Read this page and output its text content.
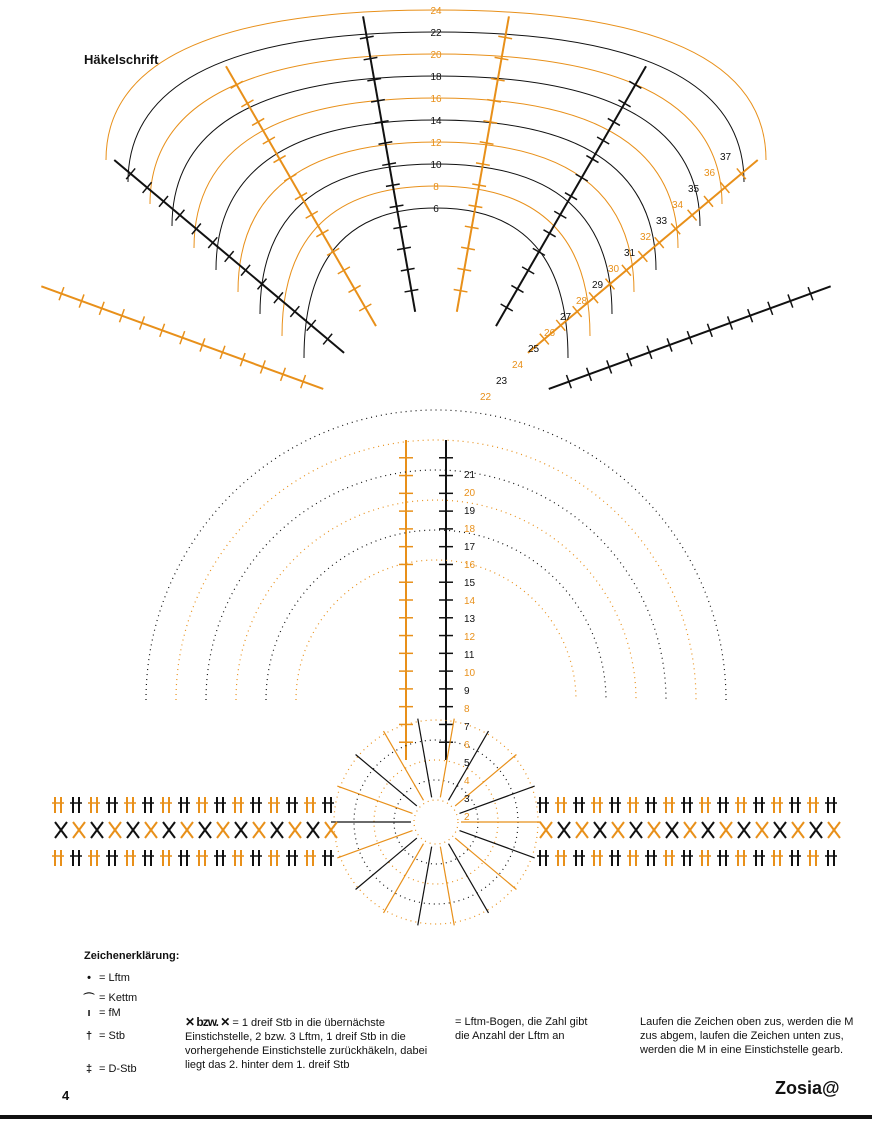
24
22
20
18
16
14
12
10
8
6
2
3
4
5
6
7
8
9
10
11
12
13
14
15
16
17
18
19
20
21
22
23
24
25
26
27
28
29
30
31
32
33
34
35
36
37
Häkelschrift
Zeichenerklärung:
• = Lftm
⌒ = Kettm
ı = fM
† = Stb
‡ = D-Stb
✕ bzw. ✕ = 1 dreif Stb in die übernächste Einstichstelle, 2 bzw. 3 Lftm, 1 dreif Stb in die vorhergehende Einstichstelle zurückhäkeln, dabei liegt das 2. hinter dem 1. dreif Stb
= Lftm-Bogen, die Zahl gibt die Anzahl der Lftm an
Laufen die Zeichen oben zus, werden die M zus abgem, laufen die Zeichen unten zus, werden die M in eine Einstichstelle gearb.
4	Zosia@
